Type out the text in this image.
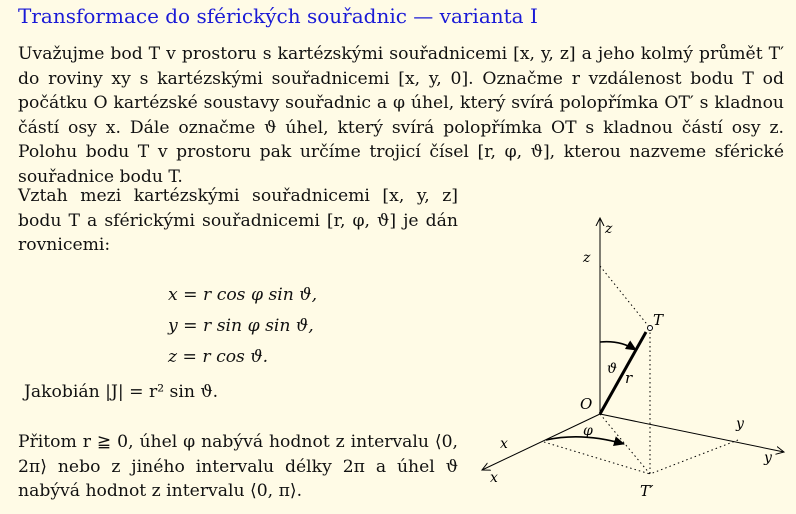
Transformace do sférických souřadnic — varianta I
Uvažujme bod T v prostoru s kartézskými souřadnicemi [x, y, z] a jeho kolmý průmět T′ do roviny xy s kartézskými souřadnicemi [x, y, 0]. Označme r vzdálenost bodu T od počátku O kartézské soustavy souřadnic a φ úhel, který svírá polopřímka OT′ s kladnou částí osy x. Dále označme ϑ úhel, který svírá polopřímka OT s kladnou částí osy z. Polohu bodu T v prostoru pak určíme trojicí čísel [r, φ, ϑ], kterou nazveme sférické souřadnice bodu T.
Vztah mezi kartézskými souřadnicemi [x, y, z] bodu T a sférickými souřadnicemi [r, φ, ϑ] je dán rovnicemi:
x = r cos φ sin ϑ,
y = r sin φ sin ϑ,
z = r cos ϑ.
Jakobián |J| = r² sin ϑ.
Přitom r ≧ 0, úhel φ nabývá hodnot z intervalu ⟨0, 2π⟩ nebo z jiného intervalu délky 2π a úhel ϑ nabývá hodnot z intervalu ⟨0, π⟩.
z
z
T
ϑ r
O
φ
x
x
y
y
T′
